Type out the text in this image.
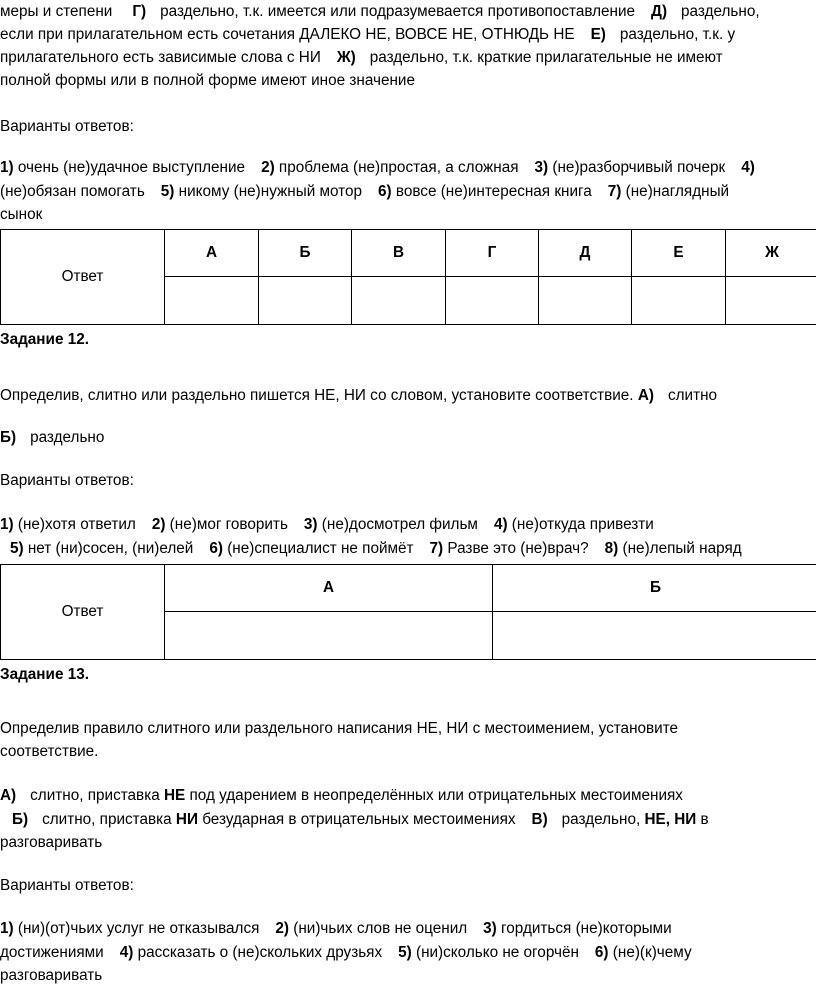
меры и степени Г) раздельно, т.к. имеется или подразумевается противопоставление Д) раздельно,
если при прилагательном есть сочетания ДАЛЕКО НЕ, ВОВСЕ НЕ, ОТНЮДЬ НЕ Е) раздельно, т.к. у
прилагательного есть зависимые слова с НИ Ж) раздельно, т.к. краткие прилагательные не имеют
полной формы или в полной форме имеют иное значение
Варианты ответов:
1) очень (не)удачное выступление 2) проблема (не)простая, а сложная 3) (не)разборчивый почерк 4)
(не)обязан помогать 5) никому (не)нужный мотор 6) вовсе (не)интересная книга 7) (не)наглядный
сынок
Ответ	А	Б	В	Г	Д	Е	Ж

Задание 12.
Определив, слитно или раздельно пишется НЕ, НИ со словом, установите соответствие. А) слитно
Б) раздельно
Варианты ответов:
1) (не)хотя ответил 2) (не)мог говорить 3) (не)досмотрел фильм 4) (не)откуда привезти
5) нет (ни)сосен, (ни)елей 6) (не)специалист не поймёт 7) Разве это (не)врач? 8) (не)лепый наряд
Ответ	А	Б

Задание 13.
Определив правило слитного или раздельного написания НЕ, НИ с местоимением, установите
соответствие.
А) слитно, приставка НЕ под ударением в неопределённых или отрицательных местоимениях
Б) слитно, приставка НИ безударная в отрицательных местоимениях В) раздельно, НЕ, НИ в
разговаривать
Варианты ответов:
1) (ни)(от)чьих услуг не отказывался 2) (ни)чьих слов не оценил 3) гордиться (не)которыми
достижениями 4) рассказать о (не)скольких друзьях 5) (ни)сколько не огорчён 6) (не)(к)чему
разговаривать
